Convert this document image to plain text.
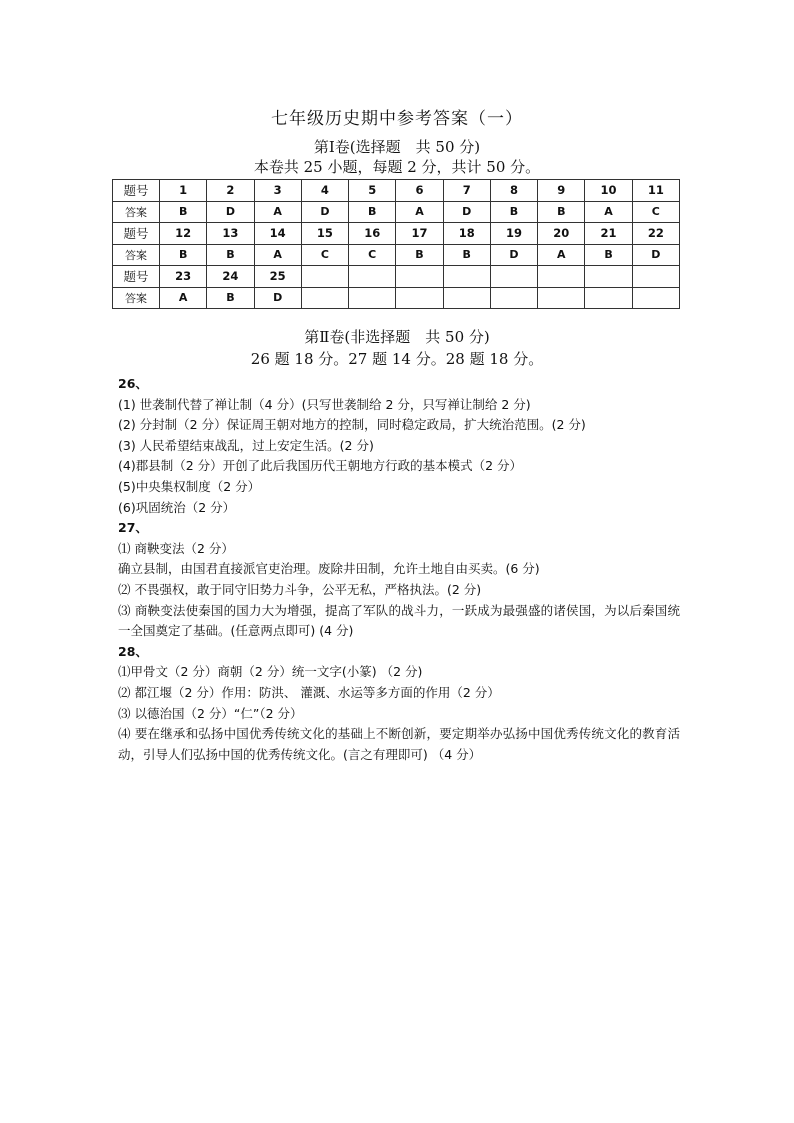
七年级历史期中参考答案（一）
第Ⅰ卷(选择题　共 50 分)
本卷共 25 小题，每题 2 分，共计 50 分。
题号	1	2	3	4	5	6	7	8	9	10	11
答案	B	D	A	D	B	A	D	B	B	A	C
题号	12	13	14	15	16	17	18	19	20	21	22
答案	B	B	A	C	C	B	B	D	A	B	D
题号	23	24	25								
答案	A	B	D								
第Ⅱ卷(非选择题　共 50 分)
26 题 18 分。27 题 14 分。28 题 18 分。
26、
(1) 世袭制代替了禅让制（4 分）(只写世袭制给 2 分，只写禅让制给 2 分)
(2) 分封制（2 分）保证周王朝对地方的控制，同时稳定政局，扩大统治范围。(2 分)
(3) 人民希望结束战乱，过上安定生活。(2 分)
(4)郡县制（2 分）开创了此后我国历代王朝地方行政的基本模式（2 分）
(5)中央集权制度（2 分）
(6)巩固统治（2 分）
27、
⑴ 商鞅变法（2 分）
确立县制，由国君直接派官吏治理。废除井田制，允许土地自由买卖。(6 分)
⑵ 不畏强权，敢于同守旧势力斗争，公平无私，严格执法。(2 分)
⑶ 商鞅变法使秦国的国力大为增强，提高了军队的战斗力，一跃成为最强盛的诸侯国，为以后秦国统一全国奠定了基础。(任意两点即可) (4 分)
28、
⑴甲骨文（2 分）商朝（2 分）统一文字(小篆) （2 分)
⑵ 都江堰（2 分）作用：防洪、 灌溉、水运等多方面的作用（2 分）
⑶ 以德治国（2 分）“仁”（2 分）
⑷ 要在继承和弘扬中国优秀传统文化的基础上不断创新，要定期举办弘扬中国优秀传统文化的教育活动，引导人们弘扬中国的优秀传统文化。(言之有理即可) （4 分）
